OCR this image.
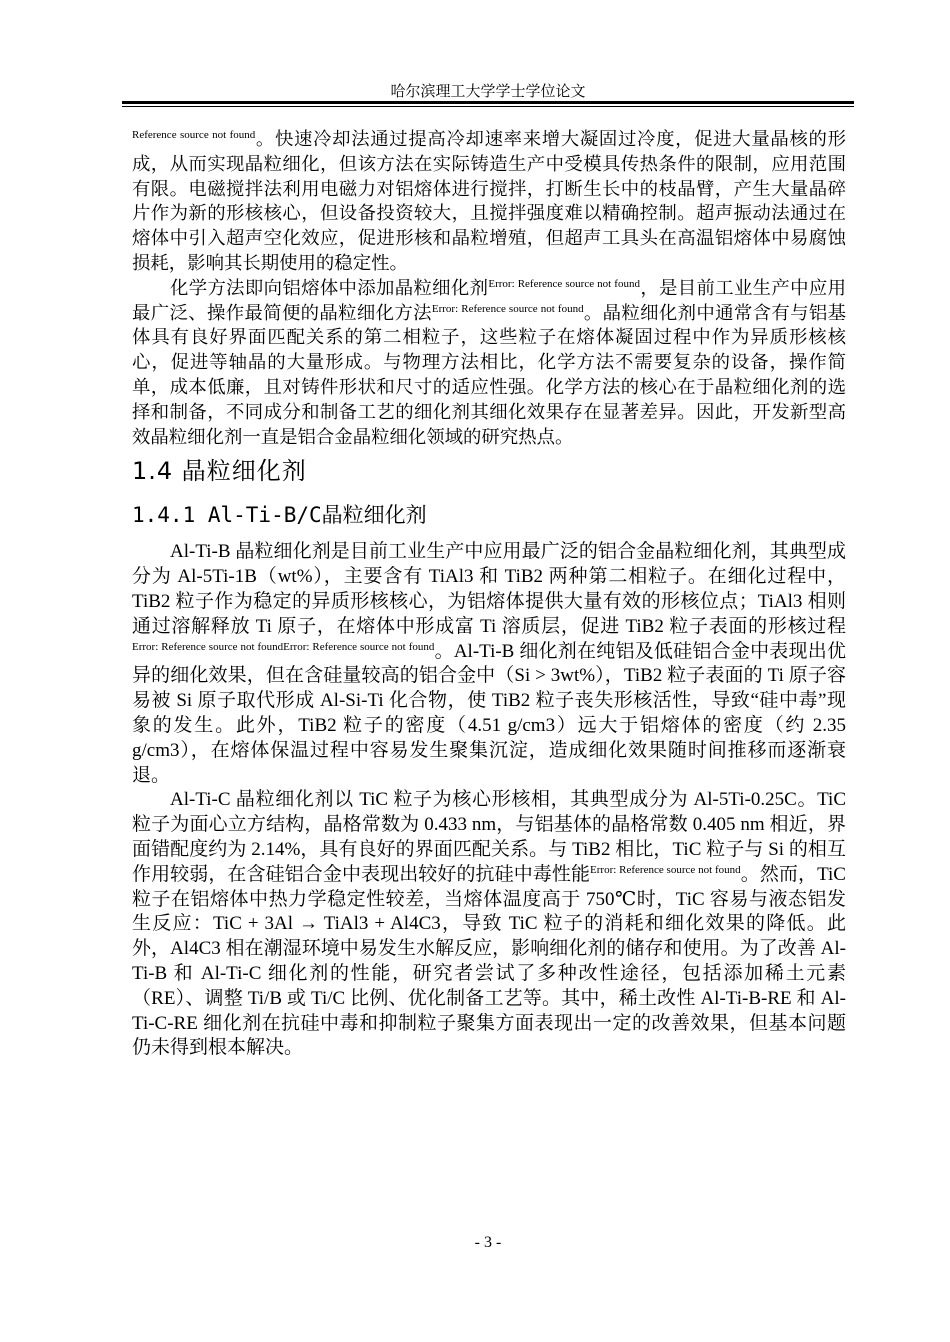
哈尔滨理工大学学士学位论文

$^{Reference source not found}$。快速冷却法通过提高冷却速率来增大凝固过冷度，促进大量晶核的形成，从而实现晶粒细化，但该方法在实际铸造生产中受模具传热条件的限制，应用范围有限。电磁搅拌法利用电磁力对铝熔体进行搅拌，打断生长中的枝晶臂，产生大量晶碎片作为新的形核核心，但设备投资较大，且搅拌强度难以精确控制。超声振动法通过在熔体中引入超声空化效应，促进形核和晶粒增殖，但超声工具头在高温铝熔体中易腐蚀损耗，影响其长期使用的稳定性。

化学方法即向铝熔体中添加晶粒细化剂$^{Error: Reference source not found}$，是目前工业生产中应用最广泛、操作最简便的晶粒细化方法$^{Error: Reference source not found}$。晶粒细化剂中通常含有与铝基体具有良好界面匹配关系的第二相粒子，这些粒子在熔体凝固过程中作为异质形核核心，促进等轴晶的大量形成。与物理方法相比，化学方法不需要复杂的设备，操作简单，成本低廉，且对铸件形状和尺寸的适应性强。化学方法的核心在于晶粒细化剂的选择和制备，不同成分和制备工艺的细化剂其细化效果存在显著差异。因此，开发新型高效晶粒细化剂一直是铝合金晶粒细化领域的研究热点。

1.4 晶粒细化剂
1.4.1 Al-Ti-B/C晶粒细化剂

Al-Ti-B 晶粒细化剂是目前工业生产中应用最广泛的铝合金晶粒细化剂，其典型成分为 Al-5Ti-1B（wt%），主要含有 TiAl3 和 TiB2 两种第二相粒子。在细化过程中，TiB2 粒子作为稳定的异质形核核心，为铝熔体提供大量有效的形核位点；TiAl3 相则通过溶解释放 Ti 原子，在熔体中形成富 Ti 溶质层，促进 TiB2 粒子表面的形核过程$^{Error: Reference source not foundError: Reference source not found}$。Al-Ti-B 细化剂在纯铝及低硅铝合金中表现出优异的细化效果，但在含硅量较高的铝合金中（Si > 3wt%），TiB2 粒子表面的 Ti 原子容易被 Si 原子取代形成 Al-Si-Ti 化合物，使 TiB2 粒子丧失形核活性，导致“硅中毒”现象的发生。此外，TiB2 粒子的密度（4.51 g/cm3）远大于铝熔体的密度（约 2.35 g/cm3），在熔体保温过程中容易发生聚集沉淀，造成细化效果随时间推移而逐渐衰退。

Al-Ti-C 晶粒细化剂以 TiC 粒子为核心形核相，其典型成分为 Al-5Ti-0.25C。TiC 粒子为面心立方结构，晶格常数为 0.433 nm，与铝基体的晶格常数 0.405 nm 相近，界面错配度约为 2.14%，具有良好的界面匹配关系。与 TiB2 相比，TiC 粒子与 Si 的相互作用较弱，在含硅铝合金中表现出较好的抗硅中毒性能$^{Error: Reference source not found}$。然而，TiC 粒子在铝熔体中热力学稳定性较差，当熔体温度高于 750℃时，TiC 容易与液态铝发生反应：TiC + 3Al → TiAl3 + Al4C3，导致 TiC 粒子的消耗和细化效果的降低。此外，Al4C3 相在潮湿环境中易发生水解反应，影响细化剂的储存和使用。为了改善 Al-Ti-B 和 Al-Ti-C 细化剂的性能，研究者尝试了多种改性途径，包括添加稀土元素（RE）、调整 Ti/B 或 Ti/C 比例、优化制备工艺等。其中，稀土改性 Al-Ti-B-RE 和 Al-Ti-C-RE 细化剂在抗硅中毒和抑制粒子聚集方面表现出一定的改善效果，但基本问题仍未得到根本解决。

- 3 -
